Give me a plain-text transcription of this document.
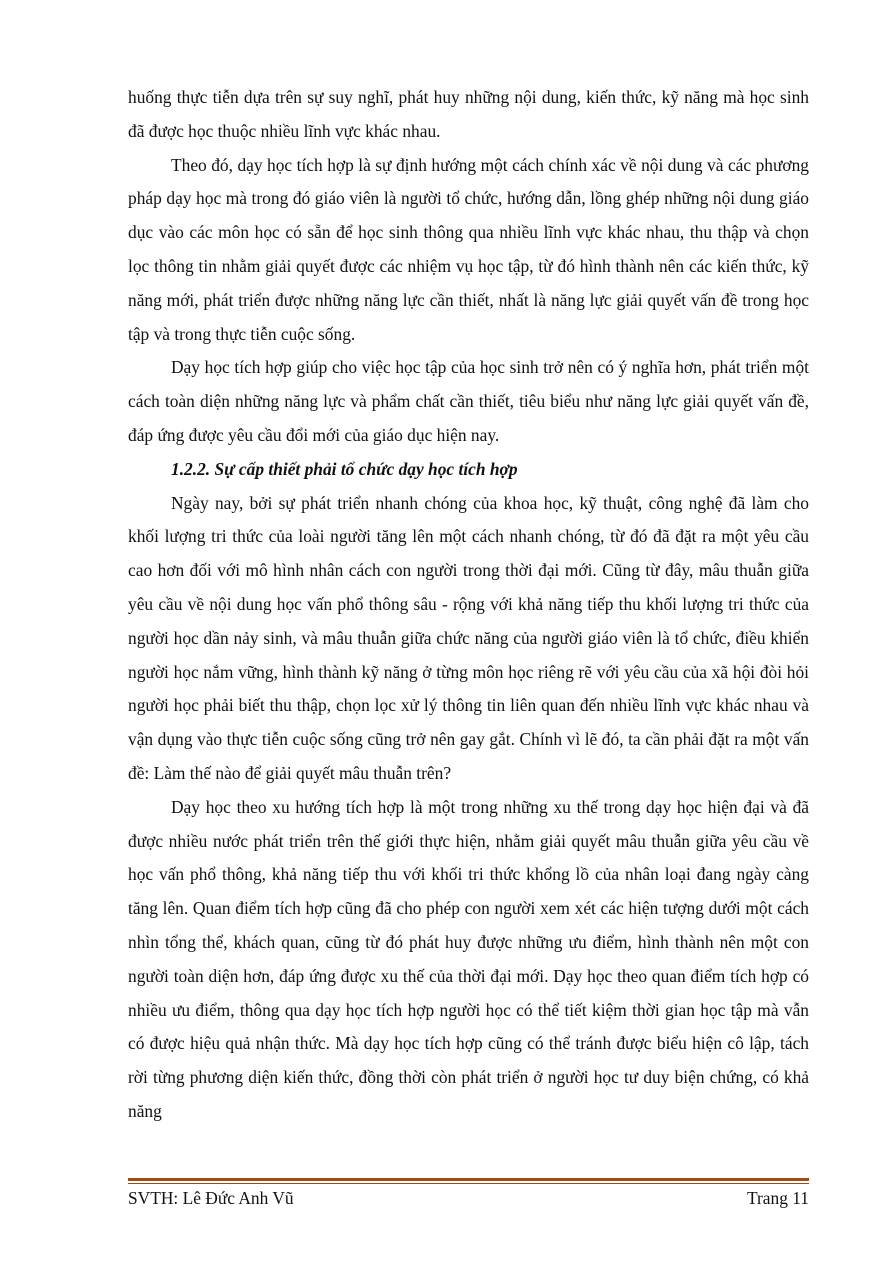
huống thực tiễn dựa trên sự suy nghĩ, phát huy những nội dung, kiến thức, kỹ năng mà học sinh đã được học thuộc nhiều lĩnh vực khác nhau.

Theo đó, dạy học tích hợp là sự định hướng một cách chính xác về nội dung và các phương pháp dạy học mà trong đó giáo viên là người tổ chức, hướng dẫn, lồng ghép những nội dung giáo dục vào các môn học có sẵn để học sinh thông qua nhiều lĩnh vực khác nhau, thu thập và chọn lọc thông tin nhằm giải quyết được các nhiệm vụ học tập, từ đó hình thành nên các kiến thức, kỹ năng mới, phát triển được những năng lực cần thiết, nhất là năng lực giải quyết vấn đề trong học tập và trong thực tiễn cuộc sống.

Dạy học tích hợp giúp cho việc học tập của học sinh trở nên có ý nghĩa hơn, phát triển một cách toàn diện những năng lực và phẩm chất cần thiết, tiêu biểu như năng lực giải quyết vấn đề, đáp ứng được yêu cầu đổi mới của giáo dục hiện nay.

1.2.2. Sự cấp thiết phải tổ chức dạy học tích hợp

Ngày nay, bởi sự phát triển nhanh chóng của khoa học, kỹ thuật, công nghệ đã làm cho khối lượng tri thức của loài người tăng lên một cách nhanh chóng, từ đó đã đặt ra một yêu cầu cao hơn đối với mô hình nhân cách con người trong thời đại mới. Cũng từ đây, mâu thuẫn giữa yêu cầu về nội dung học vấn phổ thông sâu - rộng với khả năng tiếp thu khối lượng tri thức của người học dần nảy sinh, và mâu thuẫn giữa chức năng của người giáo viên là tổ chức, điều khiển người học nắm vững, hình thành kỹ năng ở từng môn học riêng rẽ với yêu cầu của xã hội đòi hỏi người học phải biết thu thập, chọn lọc xử lý thông tin liên quan đến nhiều lĩnh vực khác nhau và vận dụng vào thực tiễn cuộc sống cũng trở nên gay gắt. Chính vì lẽ đó, ta cần phải đặt ra một vấn đề: Làm thế nào để giải quyết mâu thuẫn trên?

Dạy học theo xu hướng tích hợp là một trong những xu thế trong dạy học hiện đại và đã được nhiều nước phát triển trên thế giới thực hiện, nhằm giải quyết mâu thuẫn giữa yêu cầu về học vấn phổ thông, khả năng tiếp thu với khối tri thức khổng lồ của nhân loại đang ngày càng tăng lên. Quan điểm tích hợp cũng đã cho phép con người xem xét các hiện tượng dưới một cách nhìn tổng thể, khách quan, cũng từ đó phát huy được những ưu điểm, hình thành nên một con người toàn diện hơn, đáp ứng được xu thế của thời đại mới. Dạy học theo quan điểm tích hợp có nhiều ưu điểm, thông qua dạy học tích hợp người học có thể tiết kiệm thời gian học tập mà vẫn có được hiệu quả nhận thức. Mà dạy học tích hợp cũng có thể tránh được biểu hiện cô lập, tách rời từng phương diện kiến thức, đồng thời còn phát triển ở người học tư duy biện chứng, có khả năng

SVTH: Lê Đức Anh Vũ	Trang 11
